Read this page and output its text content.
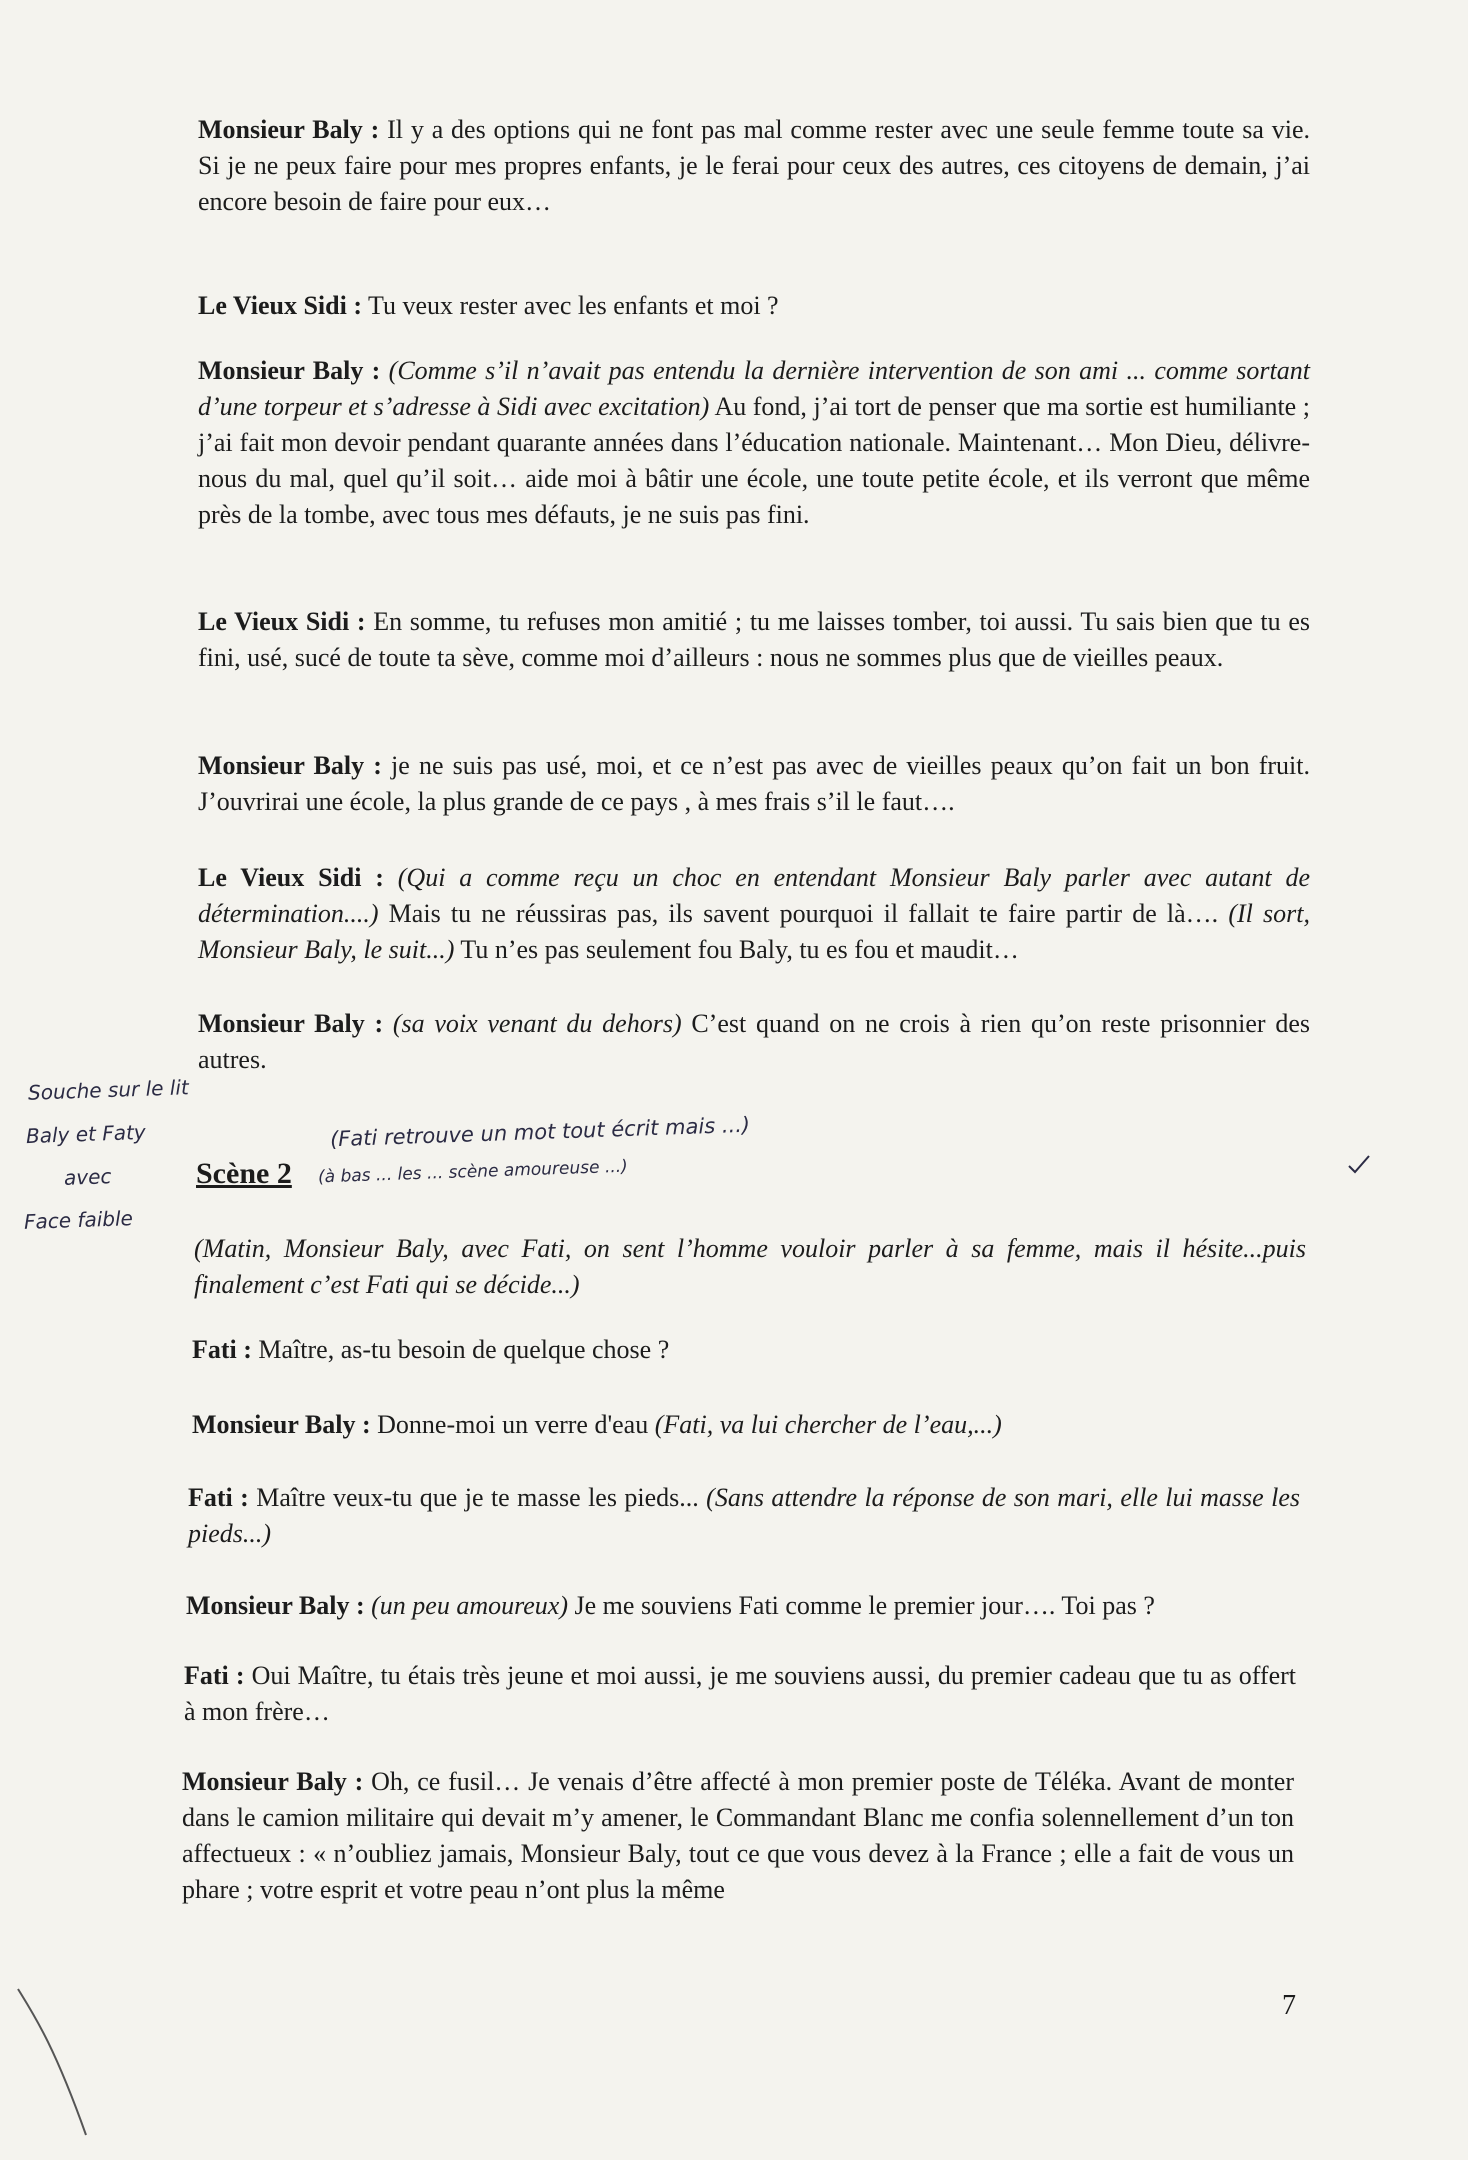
Monsieur Baly : Il y a des options qui ne font pas mal comme rester avec une seule femme toute sa vie. Si je ne peux faire pour mes propres enfants, je le ferai pour ceux des autres, ces citoyens de demain, j’ai encore besoin de faire pour eux…

Le Vieux Sidi : Tu veux rester avec les enfants et moi ?

Monsieur Baly : (Comme s’il n’avait pas entendu la dernière intervention de son ami ... comme sortant d’une torpeur et s’adresse à Sidi avec excitation) Au fond, j’ai tort de penser que ma sortie est humiliante ; j’ai fait mon devoir pendant quarante années dans l’éducation nationale. Maintenant… Mon Dieu, délivre-nous du mal, quel qu’il soit… aide moi à bâtir une école, une toute petite école, et ils verront que même près de la tombe, avec tous mes défauts, je ne suis pas fini.

Le Vieux Sidi : En somme, tu refuses mon amitié ; tu me laisses tomber, toi aussi. Tu sais bien que tu es fini, usé, sucé de toute ta sève, comme moi d’ailleurs : nous ne sommes plus que de vieilles peaux.

Monsieur Baly : je ne suis pas usé, moi, et ce n’est pas avec de vieilles peaux qu’on fait un bon fruit. J’ouvrirai une école, la plus grande de ce pays , à mes frais s’il le faut….

Le Vieux Sidi : (Qui a comme reçu un choc en entendant Monsieur Baly parler avec autant de détermination....) Mais tu ne réussiras pas, ils savent pourquoi il fallait te faire partir de là…. (Il sort, Monsieur Baly, le suit...) Tu n’es pas seulement fou Baly, tu es fou et maudit…

Monsieur Baly : (sa voix venant du dehors) C’est quand on ne crois à rien qu’on reste prisonnier des autres.

Scène 2

(Matin, Monsieur Baly, avec Fati, on sent l’homme vouloir parler à sa femme, mais il hésite...puis finalement c’est Fati qui se décide...)

Fati : Maître, as-tu besoin de quelque chose ?

Monsieur Baly : Donne-moi un verre d'eau (Fati, va lui chercher de l’eau,...)

Fati : Maître veux-tu que je te masse les pieds... (Sans attendre la réponse de son mari, elle lui masse les pieds...)

Monsieur Baly : (un peu amoureux) Je me souviens Fati comme le premier jour…. Toi pas ?

Fati : Oui Maître, tu étais très jeune et moi aussi, je me souviens aussi, du premier cadeau que tu as offert à mon frère…

Monsieur Baly : Oh, ce fusil… Je venais d’être affecté à mon premier poste de Téléka. Avant de monter dans le camion militaire qui devait m’y amener, le Commandant Blanc me confia solennellement d’un ton affectueux : « n’oubliez jamais, Monsieur Baly, tout ce que vous devez à la France ; elle a fait de vous un phare ; votre esprit et votre peau n’ont plus la même

Souche sur le lit
Baly et Faty
avec
Face faible
(Fati retrouve un mot tout écrit mais ...)
(à bas ... les ... scène amoureuse ...)
7
